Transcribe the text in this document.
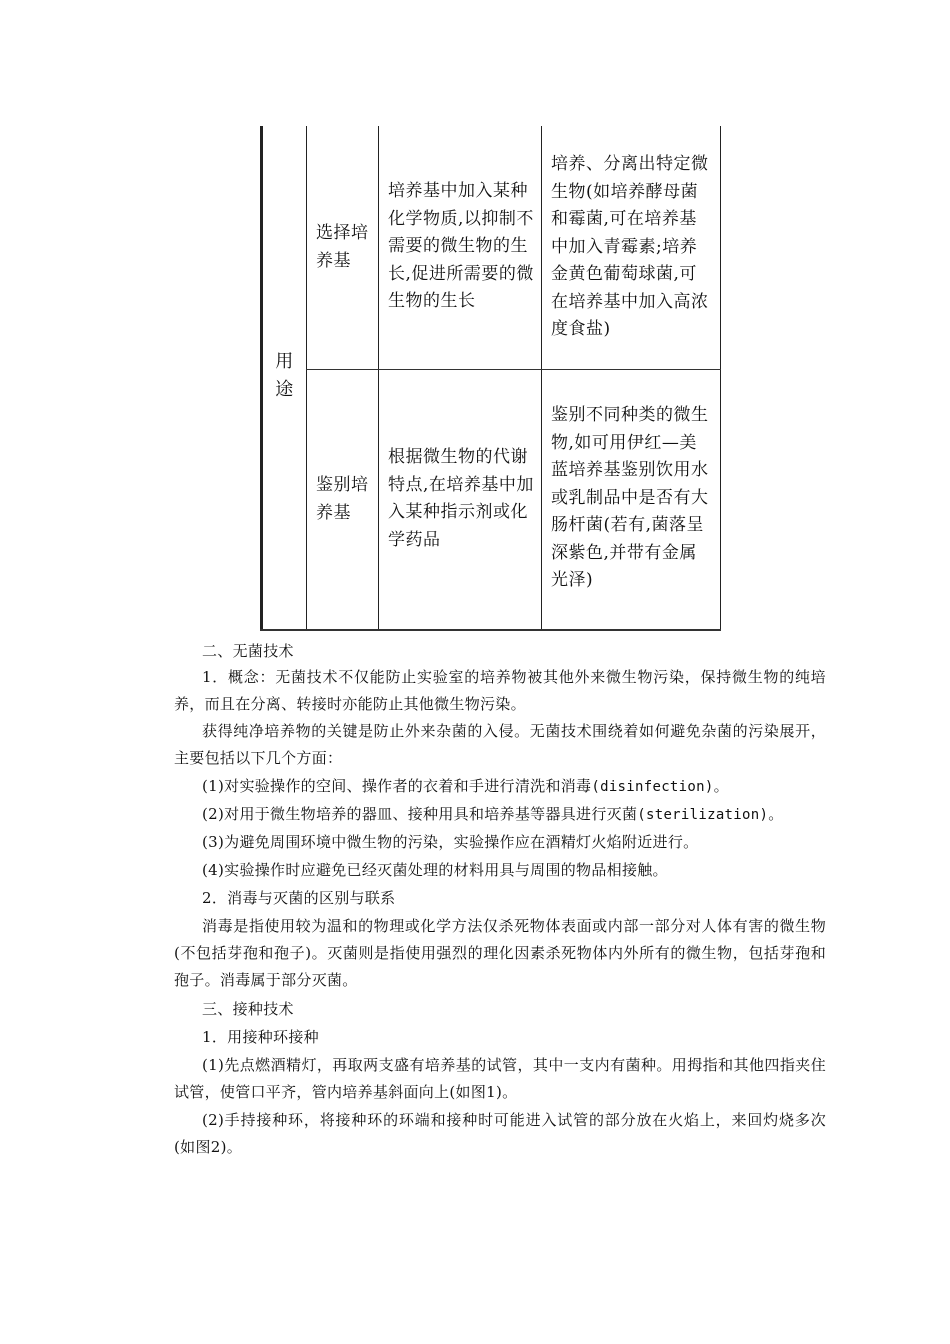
用途
选择培养基
培养基中加入某种化学物质,以抑制不需要的微生物的生长,促进所需要的微生物的生长
培养、分离出特定微生物(如培养酵母菌和霉菌,可在培养基中加入青霉素;培养金黄色葡萄球菌,可在培养基中加入高浓度食盐)
鉴别培养基
根据微生物的代谢特点,在培养基中加入某种指示剂或化学药品
鉴别不同种类的微生物,如可用伊红—美蓝培养基鉴别饮用水或乳制品中是否有大肠杆菌(若有,菌落呈深紫色,并带有金属光泽)

二、无菌技术

1．概念：无菌技术不仅能防止实验室的培养物被其他外来微生物污染，保持微生物的纯培养，而且在分离、转接时亦能防止其他微生物污染。

获得纯净培养物的关键是防止外来杂菌的入侵。无菌技术围绕着如何避免杂菌的污染展开，主要包括以下几个方面：

(1)对实验操作的空间、操作者的衣着和手进行清洗和消毒(disinfection)。

(2)对用于微生物培养的器皿、接种用具和培养基等器具进行灭菌(sterilization)。

(3)为避免周围环境中微生物的污染，实验操作应在酒精灯火焰附近进行。

(4)实验操作时应避免已经灭菌处理的材料用具与周围的物品相接触。

2．消毒与灭菌的区别与联系

消毒是指使用较为温和的物理或化学方法仅杀死物体表面或内部一部分对人体有害的微生物(不包括芽孢和孢子)。灭菌则是指使用强烈的理化因素杀死物体内外所有的微生物，包括芽孢和孢子。消毒属于部分灭菌。

三、接种技术

1．用接种环接种

(1)先点燃酒精灯，再取两支盛有培养基的试管，其中一支内有菌种。用拇指和其他四指夹住试管，使管口平齐，管内培养基斜面向上(如图1)。

(2)手持接种环，将接种环的环端和接种时可能进入试管的部分放在火焰上，来回灼烧多次(如图2)。
